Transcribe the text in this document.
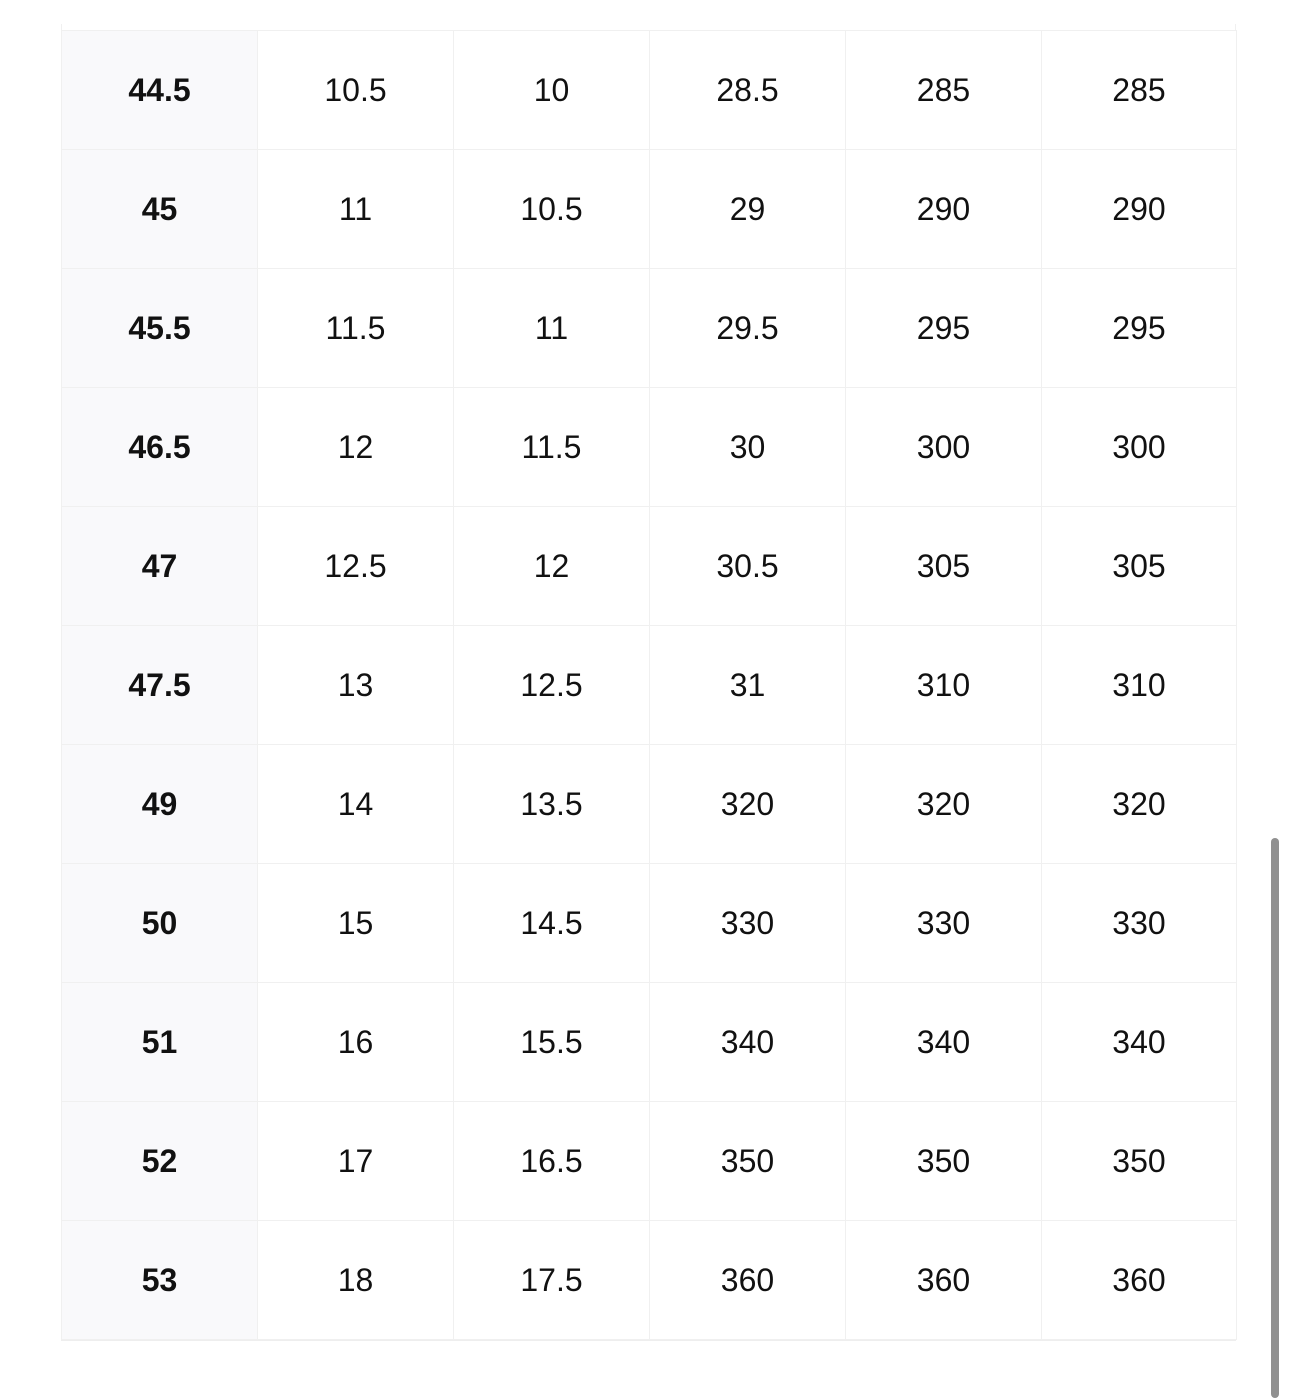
44.5	10.5	10	28.5	285	285
45	11	10.5	29	290	290
45.5	11.5	11	29.5	295	295
46.5	12	11.5	30	300	300
47	12.5	12	30.5	305	305
47.5	13	12.5	31	310	310
49	14	13.5	320	320	320
50	15	14.5	330	330	330
51	16	15.5	340	340	340
52	17	16.5	350	350	350
53	18	17.5	360	360	360
